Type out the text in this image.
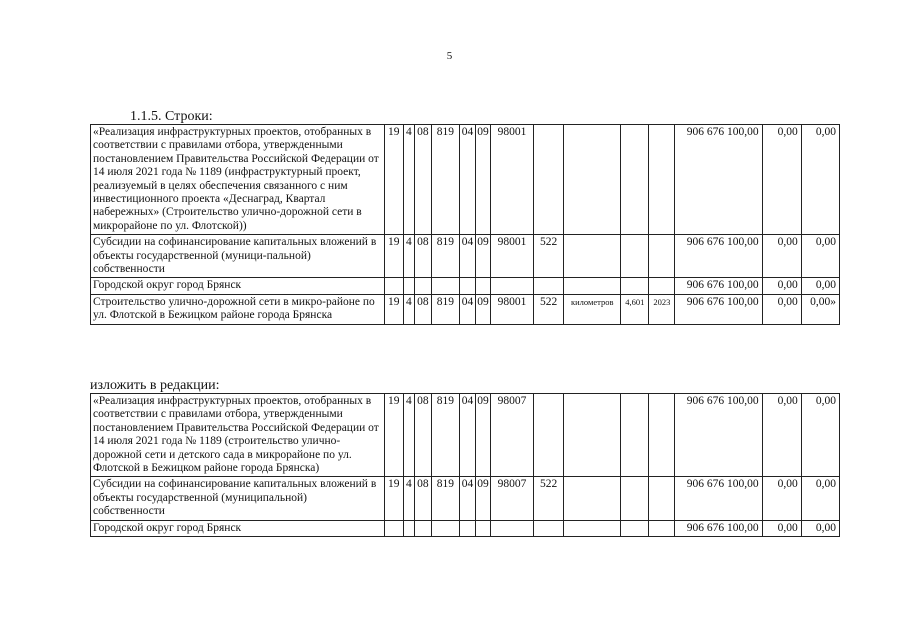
5
1.1.5. Строки:
«Реализация инфраструктурных проектов, отобранных в соответствии с правилами отбора, утвержденными постановлением Правительства Российской Федерации от 14 июля 2021 года № 1189 (инфраструктурный проект, реализуемый в целях обеспечения связанного с ним инвестиционного проекта «Деснаград, Квартал набережных» (Строительство улично-дорожной сети в микрорайоне по ул. Флотской))	19	4	08	819	04	09	98001					906 676 100,00	0,00	0,00
Субсидии на софинансирование капитальных вложений в объекты государственной (муници-пальной) собственности	19	4	08	819	04	09	98001	522				906 676 100,00	0,00	0,00
Городской округ город Брянск												906 676 100,00	0,00	0,00
Строительство улично-дорожной сети в микро-районе по ул. Флотской в Бежицком районе города Брянска	19	4	08	819	04	09	98001	522	километров	4,601	2023	906 676 100,00	0,00	0,00»
изложить в редакции:
«Реализация инфраструктурных проектов, отобранных в соответствии с правилами отбора, утвержденными постановлением Правительства Российской Федерации от 14 июля 2021 года № 1189 (строительство улично-дорожной сети и детского сада в микрорайоне по ул. Флотской в Бежицком районе города Брянска)	19	4	08	819	04	09	98007					906 676 100,00	0,00	0,00
Субсидии на софинансирование капитальных вложений в объекты государственной (муниципальной) собственности	19	4	08	819	04	09	98007	522				906 676 100,00	0,00	0,00
Городской округ город Брянск												906 676 100,00	0,00	0,00
